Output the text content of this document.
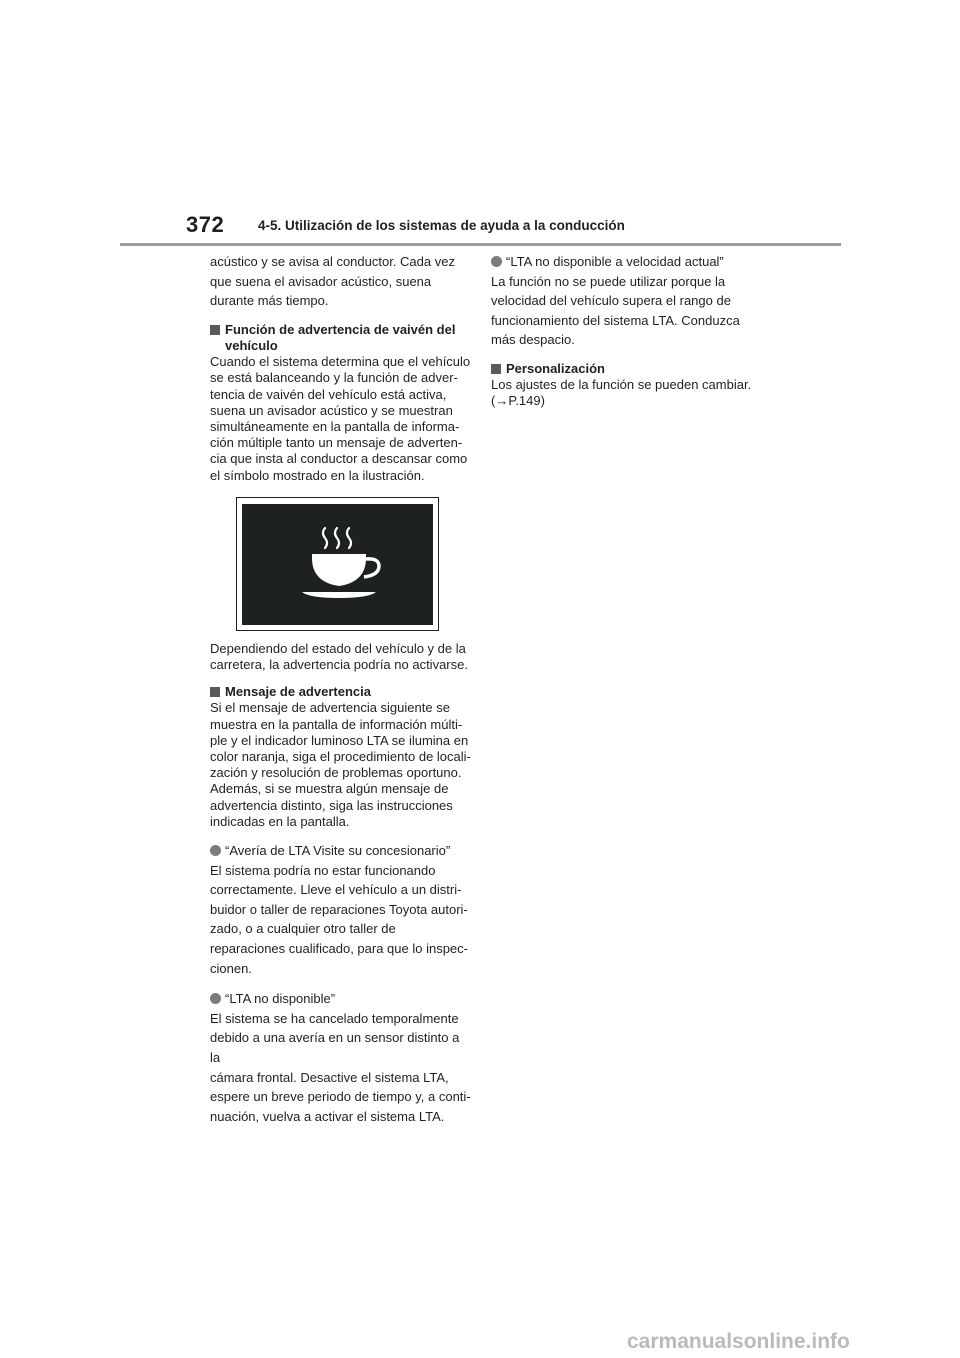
372	4-5. Utilización de los sistemas de ayuda a la conducción

acústico y se avisa al conductor. Cada vez

que suena el avisador acústico, suena

durante más tiempo.

Función de advertencia de vaivén del vehículo

Cuando el sistema determina que el vehículo se está balanceando y la función de adver-tencia de vaivén del vehículo está activa, suena un avisador acústico y se muestran simultáneamente en la pantalla de informa-ción múltiple tanto un mensaje de adverten-cia que insta al conductor a descansar como el símbolo mostrado en la ilustración.

Dependiendo del estado del vehículo y de la carretera, la advertencia podría no activarse.

Mensaje de advertencia

Si el mensaje de advertencia siguiente se muestra en la pantalla de información múlti-ple y el indicador luminoso LTA se ilumina en color naranja, siga el procedimiento de locali-zación y resolución de problemas oportuno. Además, si se muestra algún mensaje de advertencia distinto, siga las instrucciones indicadas en la pantalla.

“Avería de LTA Visite su concesionario”

El sistema podría no estar funcionando

correctamente. Lleve el vehículo a un distri-

buidor o taller de reparaciones Toyota autori-

zado, o a cualquier otro taller de

reparaciones cualificado, para que lo inspec-

cionen.

“LTA no disponible”

El sistema se ha cancelado temporalmente

debido a una avería en un sensor distinto a la

cámara frontal. Desactive el sistema LTA,

espere un breve periodo de tiempo y, a conti-

nuación, vuelva a activar el sistema LTA.

“LTA no disponible a velocidad actual”

La función no se puede utilizar porque la

velocidad del vehículo supera el rango de

funcionamiento del sistema LTA. Conduzca

más despacio.

Personalización

Los ajustes de la función se pueden cambiar. (→P.149)

carmanualsonline.info
